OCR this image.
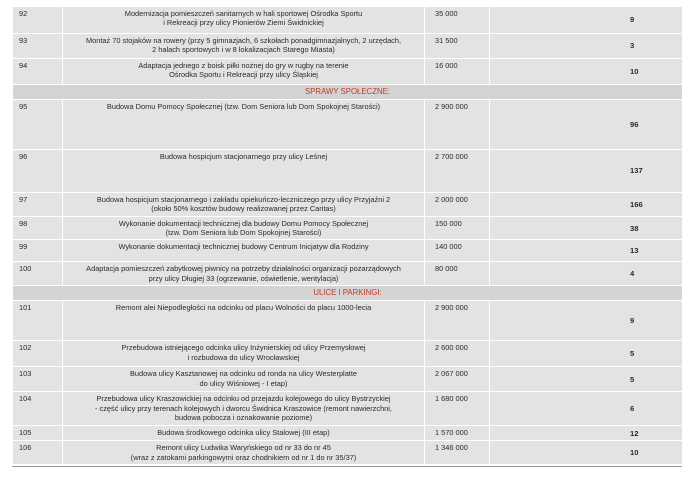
92	Modernizacja pomieszczeń sanitarnych w hali sportowej Ośrodka Sportu
i Rekreacji przy ulicy Pionierów Ziemi Świdnickiej	35 000	9
93	Montaż 70 stojaków na rowery (przy 5 gimnazjach, 6 szkołach ponadgimnazjalnych, 2 urzędach,
2 halach sportowych i w 8 lokalizacjach Starego Miasta)	31 500	3
94	Adaptacja jednego z boisk piłki nożnej do gry w rugby na terenie
Ośrodka Sportu i Rekreacji przy ulicy Śląskiej	16 000	10
SPRAWY SPOŁECZNE:			
95	Budowa Domu Pomocy Społecznej (tzw. Dom Seniora lub Dom Spokojnej Starości)	2 900 000	96
96	Budowa hospicjum stacjonarnego przy ulicy Leśnej	2 700 000	137
97	Budowa hospicjum stacjonarnego i zakładu opiekuńczo-leczniczego przy ulicy Przyjaźni 2
(około 50% kosztów budowy realizowanej przez Caritas)	2 000 000	166
98	Wykonanie dokumentacji technicznej dla budowy Domu Pomocy Społecznej
(tzw. Dom Seniora lub Dom Spokojnej Starości)	150 000	38
99	Wykonanie dokumentacji technicznej budowy Centrum Inicjatyw dla Rodziny	140 000	13
100	Adaptacja pomieszczeń zabytkowej piwnicy na potrzeby działalności organizacji pozarządowych
przy ulicy Długiej 33 (ogrzewanie, oświetlenie, wentylacja)	80 000	4
ULICE I PARKINGI:			
101	Remont alei Niepodległości na odcinku od placu Wolności do placu 1000-lecia	2 900 000	9
102	Przebudowa istniejącego odcinka ulicy Inżynierskiej od ulicy Przemysłowej
i rozbudowa do ulicy Wrocławskiej	2 600 000	5
103	Budowa ulicy Kasztanowej na odcinku od ronda na ulicy Westerplatte
do ulicy Wiśniowej - I etap)	2 067 000	5
104	Przebudowa ulicy Kraszowickiej na odcinku od przejazdu kolejowego do ulicy Bystrzyckiej
- część ulicy przy terenach kolejowych i dworcu Świdnica Kraszowice (remont nawierzchni,
budowa pobocza i oznakowanie poziome)	1 680 000	6
105	Budowa środkowego odcinka ulicy Stalowej (III etap)	1 570 000	12
106	Remont ulicy Ludwika Waryńskiego od nr 33 do nr 45
(wraz z zatokami parkingowymi oraz chodnikiem od nr 1 do nr 35/37)	1 346 000	10
